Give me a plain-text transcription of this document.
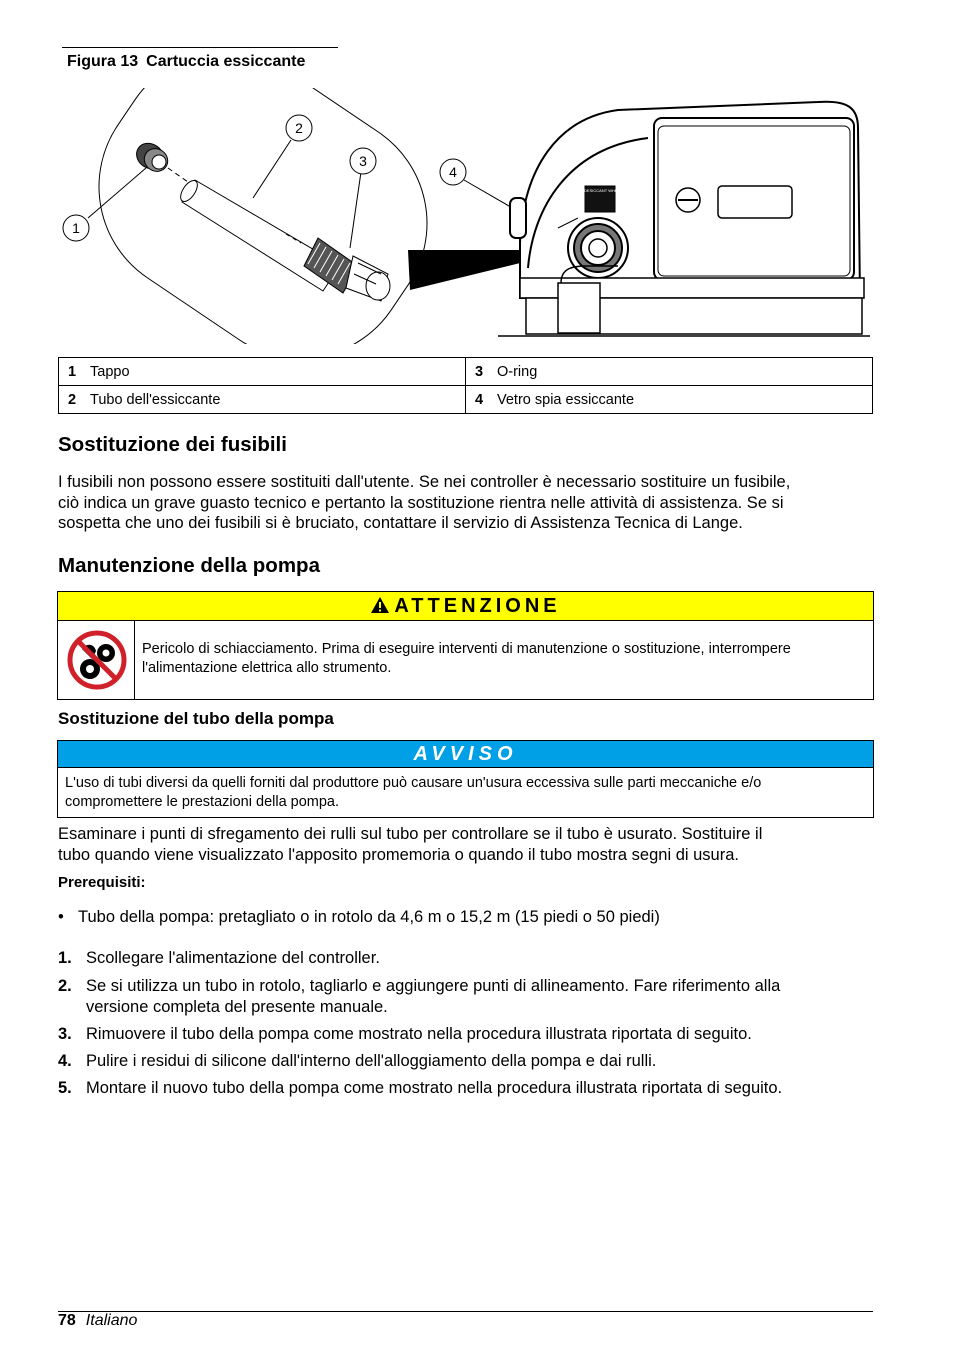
Figura 13 Cartuccia essiccante
1
2
3
4
REPLACE DESICCANT WHEN GREEN
1 Tappo	3 O-ring
2 Tubo dell'essiccante	4 Vetro spia essiccante
Sostituzione dei fusibili

I fusibili non possono essere sostituiti dall'utente. Se nei controller è necessario sostituire un fusibile,
ciò indica un grave guasto tecnico e pertanto la sostituzione rientra nelle attività di assistenza. Se si
sospetta che uno dei fusibili si è bruciato, contattare il servizio di Assistenza Tecnica di Lange.

Manutenzione della pompa
ATTENZIONE
Pericolo di schiacciamento. Prima di eseguire interventi di manutenzione o sostituzione, interrompere
l'alimentazione elettrica allo strumento.
Sostituzione del tubo della pompa
AVVISO
L'uso di tubi diversi da quelli forniti dal produttore può causare un'usura eccessiva sulle parti meccaniche e/o
compromettere le prestazioni della pompa.

Esaminare i punti di sfregamento dei rulli sul tubo per controllare se il tubo è usurato. Sostituire il
tubo quando viene visualizzato l'apposito promemoria o quando il tubo mostra segni di usura.

Prerequisiti:
• Tubo della pompa: pretagliato o in rotolo da 4,6 m o 15,2 m (15 piedi o 50 piedi)
1. Scollegare l'alimentazione del controller.
2. Se si utilizza un tubo in rotolo, tagliarlo e aggiungere punti di allineamento. Fare riferimento alla
versione completa del presente manuale.
3. Rimuovere il tubo della pompa come mostrato nella procedura illustrata riportata di seguito.
4. Pulire i residui di silicone dall'interno dell'alloggiamento della pompa e dai rulli.
5. Montare il nuovo tubo della pompa come mostrato nella procedura illustrata riportata di seguito.
78 Italiano
